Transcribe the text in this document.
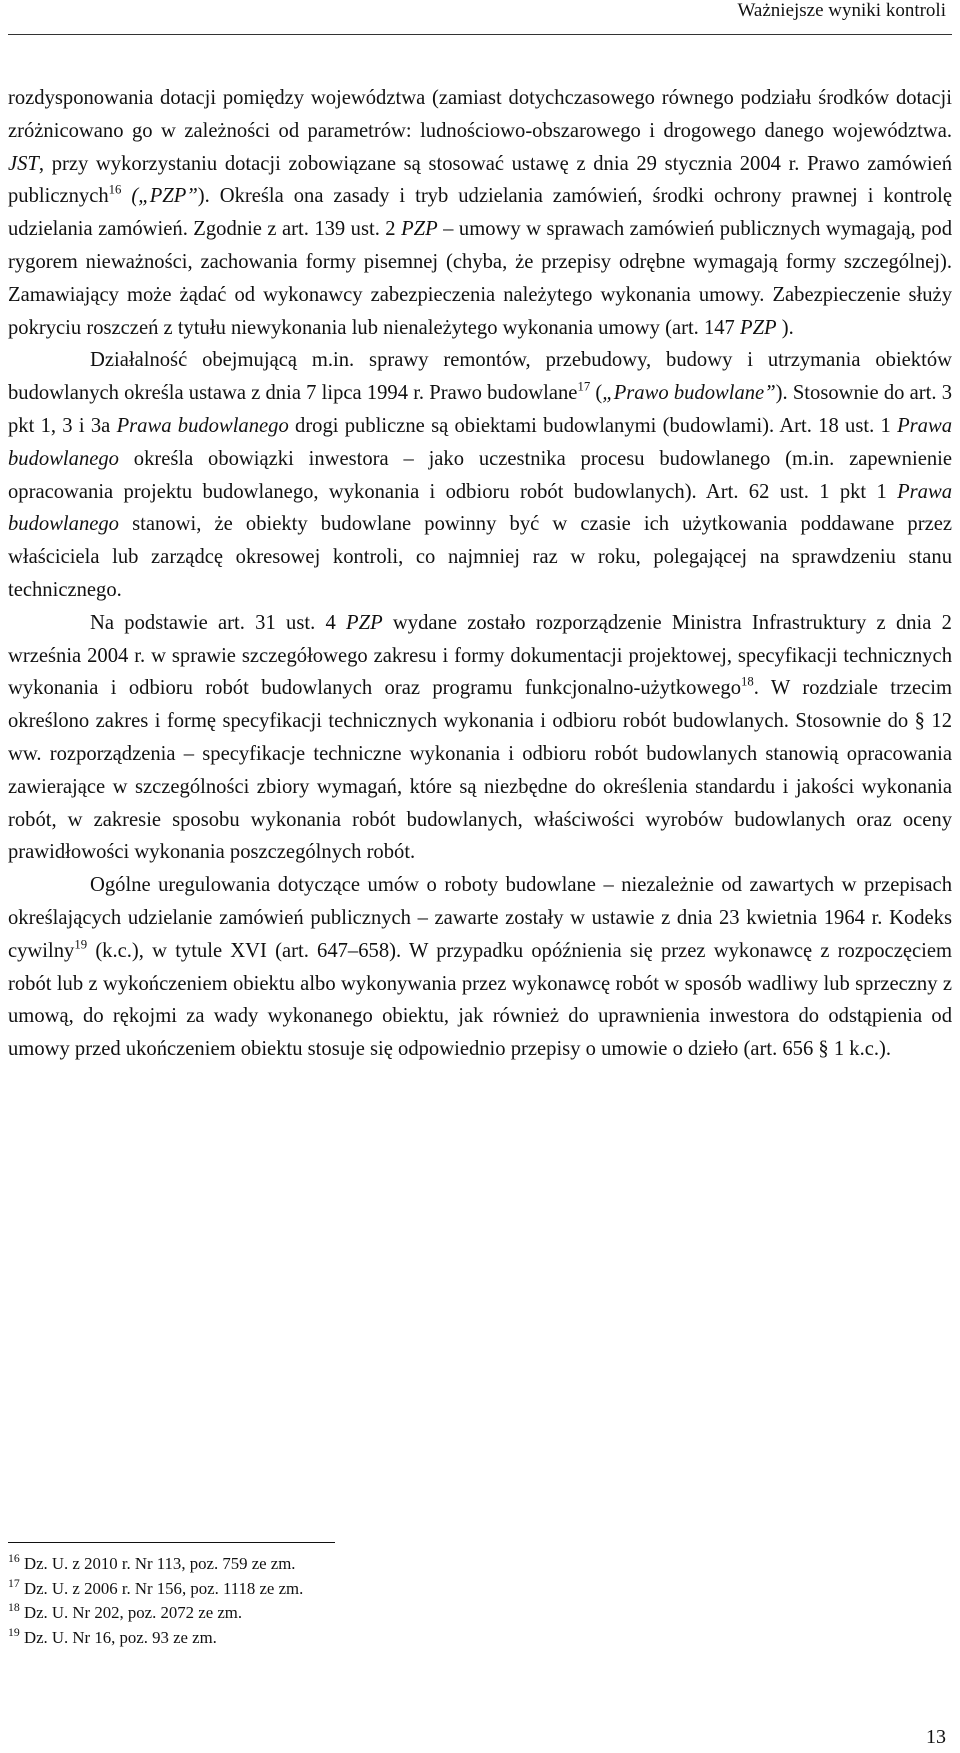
Ważniejsze wyniki kontroli

rozdysponowania dotacji pomiędzy województwa (zamiast dotychczasowego równego podziału środków dotacji zróżnicowano go w zależności od parametrów: ludnościowo-obszarowego i drogowego danego województwa. JST, przy wykorzystaniu dotacji zobowiązane są stosować ustawę z dnia 29 stycznia 2004 r. Prawo zamówień publicznych$^{16}$ („PZP”). Określa ona zasady i tryb udzielania zamówień, środki ochrony prawnej i kontrolę udzielania zamówień. Zgodnie z art. 139 ust. 2 PZP – umowy w sprawach zamówień publicznych wymagają, pod rygorem nieważności, zachowania formy pisemnej (chyba, że przepisy odrębne wymagają formy szczególnej). Zamawiający może żądać od wykonawcy zabezpieczenia należytego wykonania umowy. Zabezpieczenie służy pokryciu roszczeń z tytułu niewykonania lub nienależytego wykonania umowy (art. 147 PZP ).

Działalność obejmującą m.in. sprawy remontów, przebudowy, budowy i utrzymania obiektów budowlanych określa ustawa z dnia 7 lipca 1994 r. Prawo budowlane$^{17}$ („Prawo budowlane”). Stosownie do art. 3 pkt 1, 3 i 3a Prawa budowlanego drogi publiczne są obiektami budowlanymi (budowlami). Art. 18 ust. 1 Prawa budowlanego określa obowiązki inwestora – jako uczestnika procesu budowlanego (m.in. zapewnienie opracowania projektu budowlanego, wykonania i odbioru robót budowlanych). Art. 62 ust. 1 pkt 1 Prawa budowlanego stanowi, że obiekty budowlane powinny być w czasie ich użytkowania poddawane przez właściciela lub zarządcę okresowej kontroli, co najmniej raz w roku, polegającej na sprawdzeniu stanu technicznego.

Na podstawie art. 31 ust. 4 PZP wydane zostało rozporządzenie Ministra Infrastruktury z dnia 2 września 2004 r. w sprawie szczegółowego zakresu i formy dokumentacji projektowej, specyfikacji technicznych wykonania i odbioru robót budowlanych oraz programu funkcjonalno-użytkowego$^{18}$. W rozdziale trzecim określono zakres i formę specyfikacji technicznych wykonania i odbioru robót budowlanych. Stosownie do § 12 ww. rozporządzenia – specyfikacje techniczne wykonania i odbioru robót budowlanych stanowią opracowania zawierające w szczególności zbiory wymagań, które są niezbędne do określenia standardu i jakości wykonania robót, w zakresie sposobu wykonania robót budowlanych, właściwości wyrobów budowlanych oraz oceny prawidłowości wykonania poszczególnych robót.

Ogólne uregulowania dotyczące umów o roboty budowlane – niezależnie od zawartych w przepisach określających udzielanie zamówień publicznych – zawarte zostały w ustawie z dnia 23 kwietnia 1964 r. Kodeks cywilny$^{19}$ (k.c.), w tytule XVI (art. 647–658). W przypadku opóźnienia się przez wykonawcę z rozpoczęciem robót lub z wykończeniem obiektu albo wykonywania przez wykonawcę robót w sposób wadliwy lub sprzeczny z umową, do rękojmi za wady wykonanego obiektu, jak również do uprawnienia inwestora do odstąpienia od umowy przed ukończeniem obiektu stosuje się odpowiednio przepisy o umowie o dzieło (art. 656 § 1 k.c.).

$^{16}$ Dz. U. z 2010 r. Nr 113, poz. 759 ze zm.
$^{17}$ Dz. U. z 2006 r. Nr 156, poz. 1118 ze zm.
$^{18}$ Dz. U. Nr 202, poz. 2072 ze zm.
$^{19}$ Dz. U. Nr 16, poz. 93 ze zm.
13
